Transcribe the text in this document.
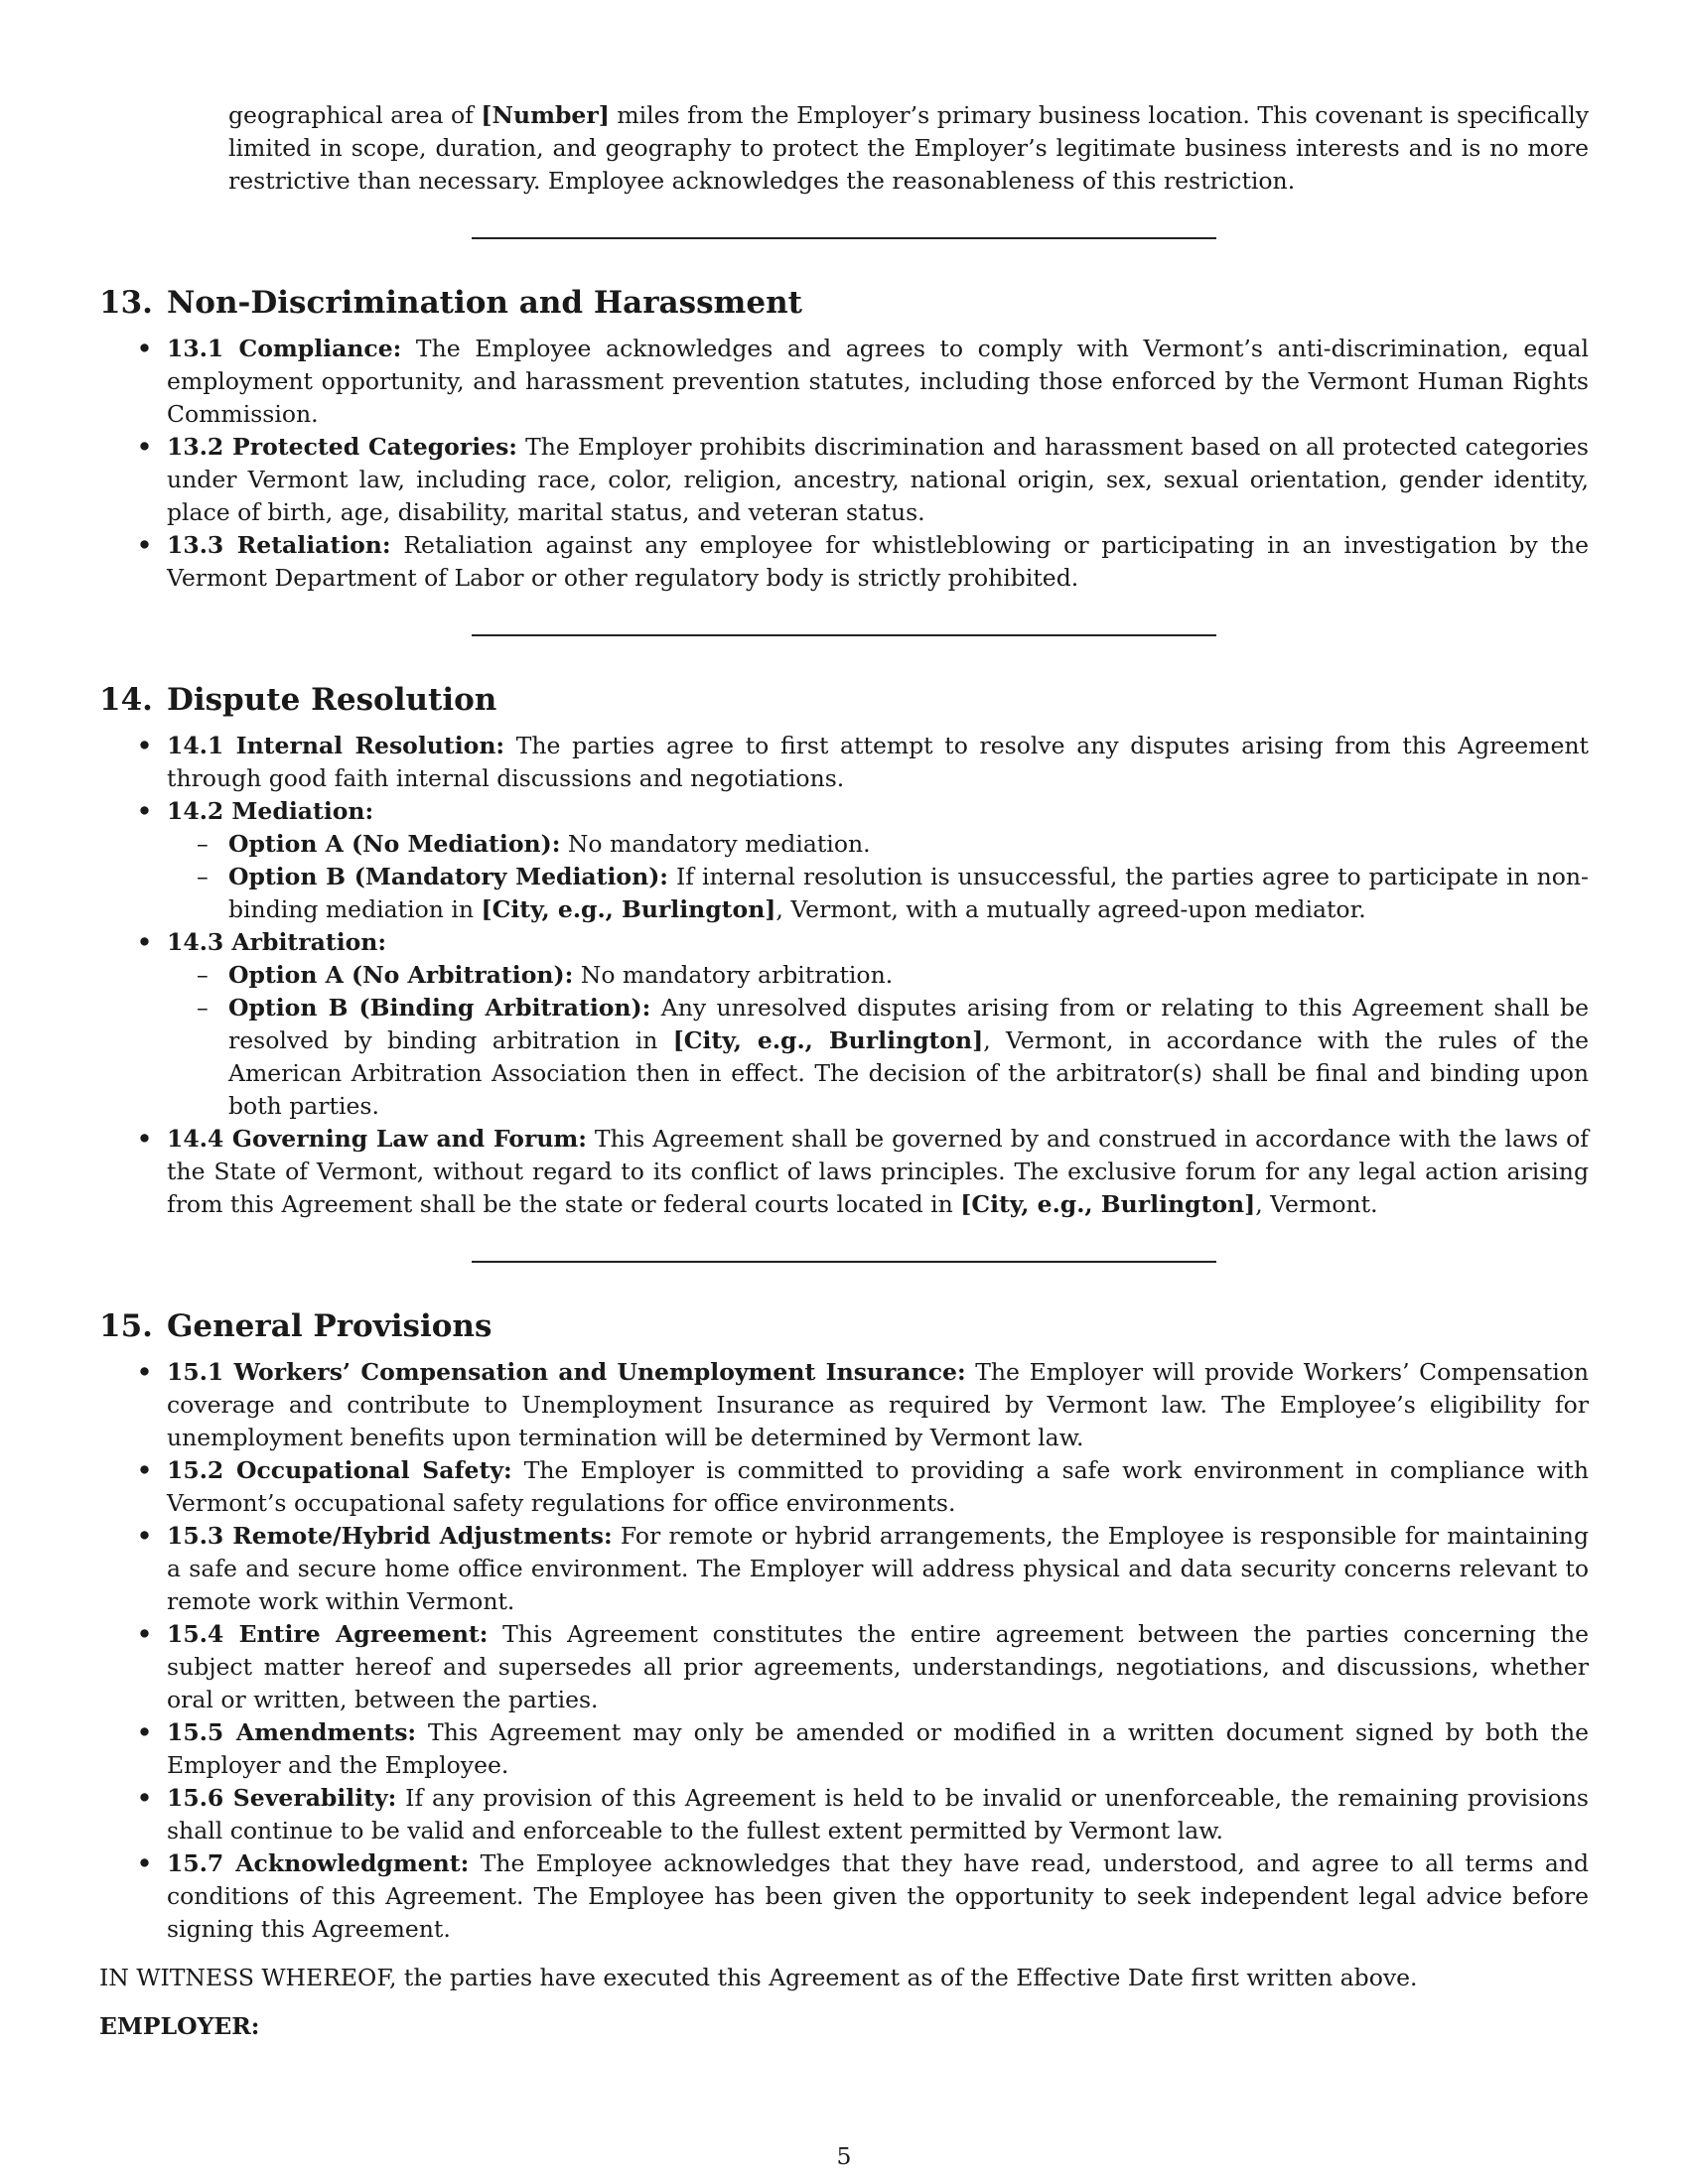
geographical area of [Number] miles from the Employer’s primary business location. This covenant is specifically limited in scope, duration, and geography to protect the Employer’s legitimate business interests and is no more restrictive than necessary. Employee acknowledges the reasonableness of this restriction.

13. Non-Discrimination and Harassment
• 13.1 Compliance: The Employee acknowledges and agrees to comply with Vermont’s anti-discrimination, equal employment opportunity, and harassment prevention statutes, including those enforced by the Vermont Human Rights Commission.
• 13.2 Protected Categories: The Employer prohibits discrimination and harassment based on all protected categories under Vermont law, including race, color, religion, ancestry, national origin, sex, sexual orientation, gender identity, place of birth, age, disability, marital status, and veteran status.
• 13.3 Retaliation: Retaliation against any employee for whistleblowing or participating in an investigation by the Vermont Department of Labor or other regulatory body is strictly prohibited.
14. Dispute Resolution
• 14.1 Internal Resolution: The parties agree to first attempt to resolve any disputes arising from this Agreement through good faith internal discussions and negotiations.
• 14.2 Mediation:
– Option A (No Mediation): No mandatory mediation.
– Option B (Mandatory Mediation): If internal resolution is unsuccessful, the parties agree to participate in non-binding mediation in [City, e.g., Burlington], Vermont, with a mutually agreed-upon mediator.
• 14.3 Arbitration:
– Option A (No Arbitration): No mandatory arbitration.
– Option B (Binding Arbitration): Any unresolved disputes arising from or relating to this Agreement shall be resolved by binding arbitration in [City, e.g., Burlington], Vermont, in accordance with the rules of the American Arbitration Association then in effect. The decision of the arbitrator(s) shall be final and binding upon both parties.
• 14.4 Governing Law and Forum: This Agreement shall be governed by and construed in accordance with the laws of the State of Vermont, without regard to its conflict of laws principles. The exclusive forum for any legal action arising from this Agreement shall be the state or federal courts located in [City, e.g., Burlington], Vermont.
15. General Provisions
• 15.1 Workers’ Compensation and Unemployment Insurance: The Employer will provide Workers’ Compensation coverage and contribute to Unemployment Insurance as required by Vermont law. The Employee’s eligibility for unemployment benefits upon termination will be determined by Vermont law.
• 15.2 Occupational Safety: The Employer is committed to providing a safe work environment in compliance with Vermont’s occupational safety regulations for office environments.
• 15.3 Remote/Hybrid Adjustments: For remote or hybrid arrangements, the Employee is responsible for maintaining a safe and secure home office environment. The Employer will address physical and data security concerns relevant to remote work within Vermont.
• 15.4 Entire Agreement: This Agreement constitutes the entire agreement between the parties concerning the subject matter hereof and supersedes all prior agreements, understandings, negotiations, and discussions, whether oral or written, between the parties.
• 15.5 Amendments: This Agreement may only be amended or modified in a written document signed by both the Employer and the Employee.
• 15.6 Severability: If any provision of this Agreement is held to be invalid or unenforceable, the remaining provisions shall continue to be valid and enforceable to the fullest extent permitted by Vermont law.
• 15.7 Acknowledgment: The Employee acknowledges that they have read, understood, and agree to all terms and conditions of this Agreement. The Employee has been given the opportunity to seek independent legal advice before signing this Agreement.

IN WITNESS WHEREOF, the parties have executed this Agreement as of the Effective Date first written above.

EMPLOYER:

5
